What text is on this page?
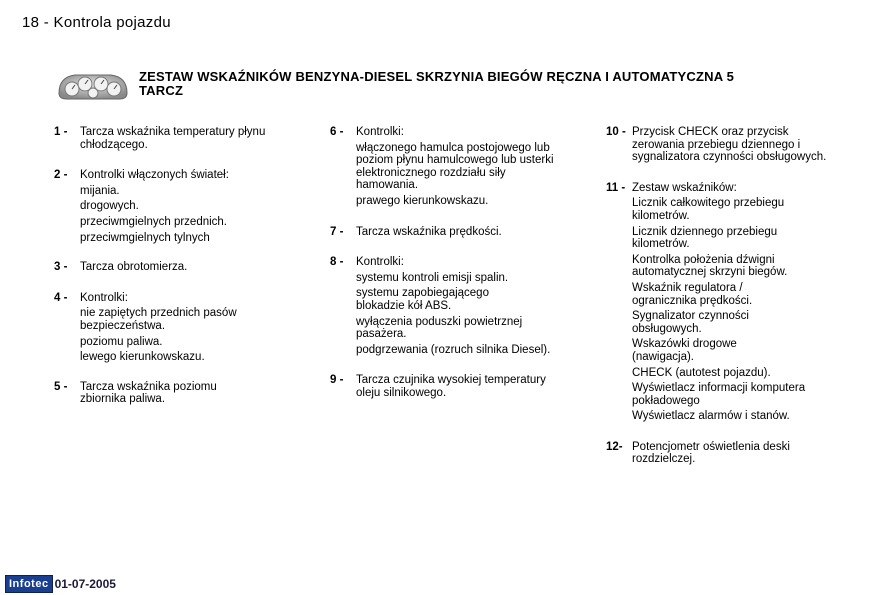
18 - Kontrola pojazdu
ZESTAW WSKAŹNIKÓW BENZYNA-DIESEL SKRZYNIA BIEGÓW RĘCZNA I AUTOMATYCZNA 5 TARCZ
1 - Tarcza wskaźnika temperatury płynu chłodzącego.
2 - Kontrolki włączonych świateł:
mijania.
drogowych.
przeciwmgielnych przednich.
przeciwmgielnych tylnych
3 - Tarcza obrotomierza.
4 - Kontrolki:
nie zapiętych przednich pasów bezpieczeństwa.
poziomu paliwa.
lewego kierunkowskazu.
5 - Tarcza wskaźnika poziomu zbiornika paliwa.
6 - Kontrolki:
włączonego hamulca postojowego lub poziom płynu hamulcowego lub usterki elektronicznego rozdziału siły hamowania.
prawego kierunkowskazu.
7 - Tarcza wskaźnika prędkości.
8 - Kontrolki:
systemu kontroli emisji spalin.
systemu zapobiegającego blokadzie kół ABS.
wyłączenia poduszki powietrznej pasażera.
podgrzewania (rozruch silnika Diesel).
9 - Tarcza czujnika wysokiej temperatury oleju silnikowego.
10 - Przycisk CHECK oraz przycisk zerowania przebiegu dziennego i sygnalizatora czynności obsługowych.
11 - Zestaw wskaźników:
Licznik całkowitego przebiegu kilometrów.
Licznik dziennego przebiegu kilometrów.
Kontrolka położenia dźwigni automatycznej skrzyni biegów.
Wskaźnik regulatora / ogranicznika prędkości.
Sygnalizator czynności obsługowych.
Wskazówki drogowe (nawigacja).
CHECK (autotest pojazdu).
Wyświetlacz informacji komputera pokładowego
Wyświetlacz alarmów i stanów.
12- Potencjometr oświetlenia deski rozdzielczej.
Infotec 01-07-2005
